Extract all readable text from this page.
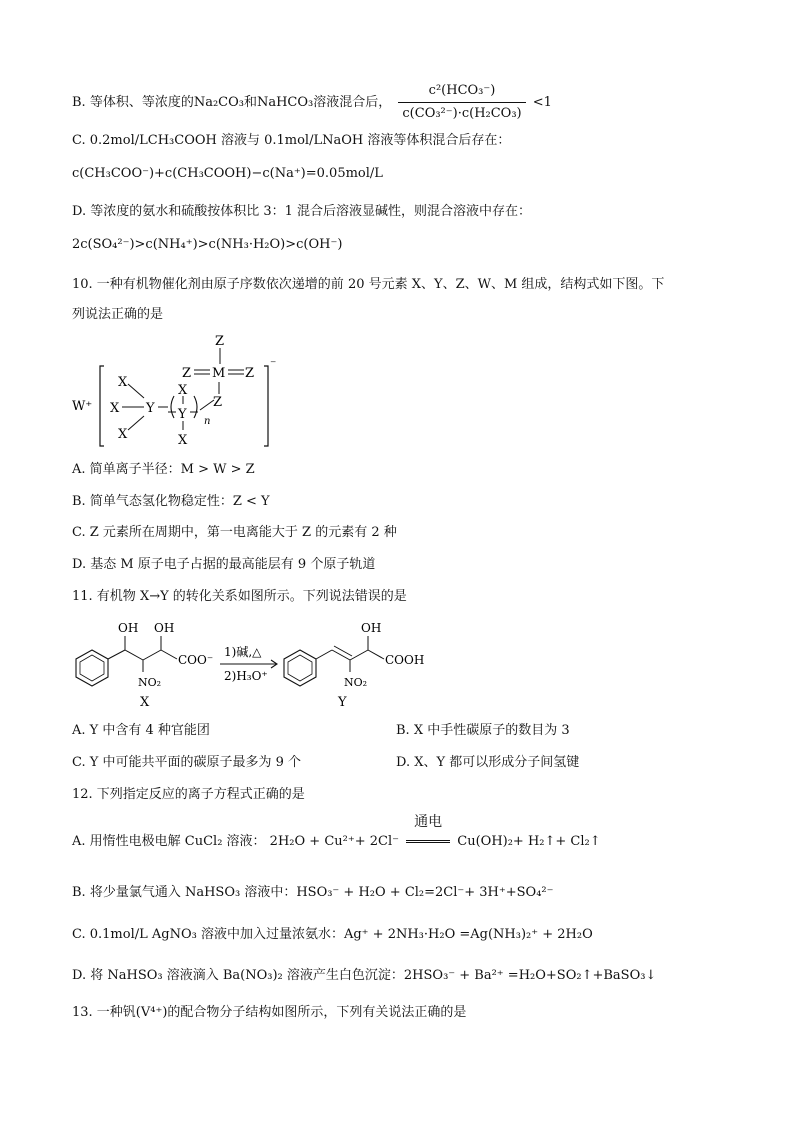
B. 等体积、等浓度的Na₂CO₃和NaHCO₃溶液混合后， $\frac{\text{c²(HCO₃⁻)}}{\text{c(CO₃²⁻)·c(H₂CO₃)}} <1$
C. 0.2mol/LCH₃COOH 溶液与 0.1mol/LNaOH 溶液等体积混合后存在：
c(CH₃COO⁻)+c(CH₃COOH)−c(Na⁺)=0.05mol/L
D. 等浓度的氨水和硫酸按体积比 3：1 混合后溶液显碱性，则混合溶液中存在：
2c(SO₄²⁻)>c(NH₄⁺)>c(NH₃·H₂O)>c(OH⁻)
10. 一种有机物催化剂由原子序数依次递增的前 20 号元素 X、Y、Z、W、M 组成，结构式如下图。下
列说法正确的是
W⁺
⁻
X
X
X
Y
X
Y
X
n
Z
M
Z
Z	Z
A. 简单离子半径：M > W > Z
B. 简单气态氢化物稳定性：Z < Y
C. Z 元素所在周期中，第一电离能大于 Z 的元素有 2 种
D. 基态 M 原子电子占据的最高能层有 9 个原子轨道
11. 有机物 X→Y 的转化关系如图所示。下列说法错误的是
OH
NO₂
OH
COO⁻
X
1)碱,△
2)H₃O⁺	NO₂
OH
COOH
Y
A. Y 中含有 4 种官能团	B. X 中手性碳原子的数目为 3
C. Y 中可能共平面的碳原子最多为 9 个	D. X、Y 都可以形成分子间氢键
12. 下列指定反应的离子方程式正确的是
A. 用惰性电极电解 CuCl₂ 溶液： 2H₂O + Cu²⁺+ 2Cl⁻
通电
Cu(OH)₂+ H₂↑+ Cl₂↑
B. 将少量氯气通入 NaHSO₃ 溶液中：HSO₃⁻ + H₂O + Cl₂=2Cl⁻+ 3H⁺+SO₄²⁻
C. 0.1mol/L AgNO₃ 溶液中加入过量浓氨水：Ag⁺ + 2NH₃·H₂O =Ag(NH₃)₂⁺ + 2H₂O
D. 将 NaHSO₃ 溶液滴入 Ba(NO₃)₂ 溶液产生白色沉淀：2HSO₃⁻ + Ba²⁺ =H₂O+SO₂↑+BaSO₃↓
13. 一种钒(V⁴⁺)的配合物分子结构如图所示，下列有关说法正确的是
